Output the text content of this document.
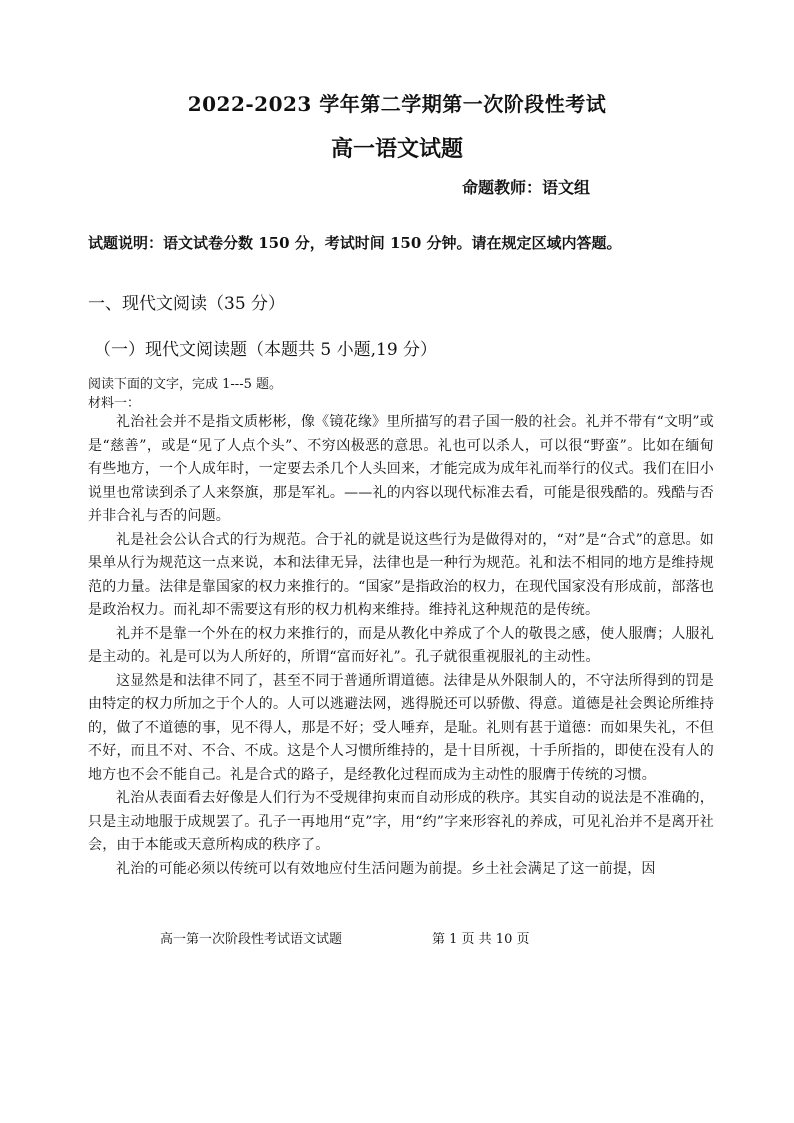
2022-2023 学年第二学期第一次阶段性考试
高一语文试题
命题教师：语文组
试题说明：语文试卷分数 150 分，考试时间 150 分钟。请在规定区域内答题。
一、现代文阅读（35 分）
（一）现代文阅读题（本题共 5 小题,19 分）
阅读下面的文字，完成 1---5 题。
材料一：

礼治社会并不是指文质彬彬，像《镜花缘》里所描写的君子国一般的社会。礼并不带有“文明”或是“慈善”，或是“见了人点个头”、不穷凶极恶的意思。礼也可以杀人，可以很“野蛮”。比如在缅甸有些地方，一个人成年时，一定要去杀几个人头回来，才能完成为成年礼而举行的仪式。我们在旧小说里也常读到杀了人来祭旗，那是军礼。——礼的内容以现代标准去看，可能是很残酷的。残酷与否并非合礼与否的问题。

礼是社会公认合式的行为规范。合于礼的就是说这些行为是做得对的，“对”是“合式”的意思。如果单从行为规范这一点来说，本和法律无异，法律也是一种行为规范。礼和法不相同的地方是维持规范的力量。法律是靠国家的权力来推行的。“国家”是指政治的权力，在现代国家没有形成前，部落也是政治权力。而礼却不需要这有形的权力机构来维持。维持礼这种规范的是传统。

礼并不是靠一个外在的权力来推行的，而是从教化中养成了个人的敬畏之感，使人服膺；人服礼是主动的。礼是可以为人所好的，所谓“富而好礼”。孔子就很重视服礼的主动性。

这显然是和法律不同了，甚至不同于普通所谓道德。法律是从外限制人的，不守法所得到的罚是由特定的权力所加之于个人的。人可以逃避法网，逃得脱还可以骄傲、得意。道德是社会舆论所维持的，做了不道德的事，见不得人，那是不好；受人唾弃，是耻。礼则有甚于道德：而如果失礼，不但不好，而且不对、不合、不成。这是个人习惯所维持的，是十目所视，十手所指的，即使在没有人的地方也不会不能自己。礼是合式的路子，是经教化过程而成为主动性的服膺于传统的习惯。

礼治从表面看去好像是人们行为不受规律拘束而自动形成的秩序。其实自动的说法是不准确的，只是主动地服于成规罢了。孔子一再地用“克”字，用“约”字来形容礼的养成，可见礼治并不是离开社会，由于本能或天意所构成的秩序了。

礼治的可能必须以传统可以有效地应付生活问题为前提。乡土社会满足了这一前提，因

高一第一次阶段性考试语文试题	第 1 页 共 10 页
